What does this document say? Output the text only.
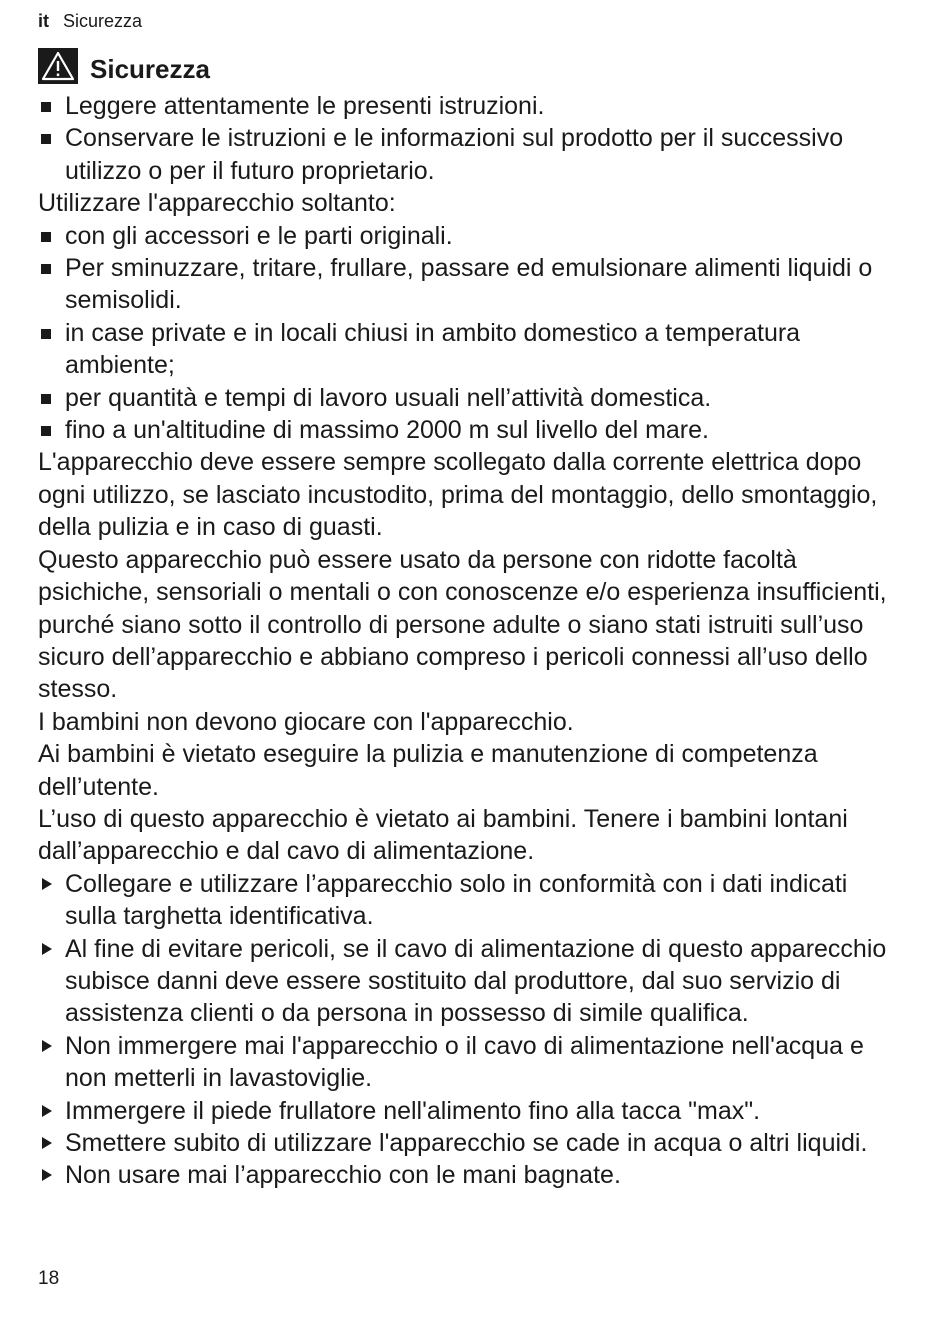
it Sicurezza
Sicurezza

Leggere attentamente le presenti istruzioni.

Conservare le istruzioni e le informazioni sul prodotto per il successivo utilizzo o per il futuro proprietario.

Utilizzare l'apparecchio soltanto:

con gli accessori e le parti originali.

Per sminuzzare, tritare, frullare, passare ed emulsionare alimenti liquidi o semisolidi.

in case private e in locali chiusi in ambito domestico a temperatura ambiente;

per quantità e tempi di lavoro usuali nell’attività domestica.

fino a un'altitudine di massimo 2000 m sul livello del mare.

L'apparecchio deve essere sempre scollegato dalla corrente elettrica dopo ogni utilizzo, se lasciato incustodito, prima del montaggio, dello smontaggio, della pulizia e in caso di guasti.

Questo apparecchio può essere usato da persone con ridotte facoltà psichiche, sensoriali o mentali o con conoscenze e/o esperienza insufficienti, purché siano sotto il controllo di persone adulte o siano stati istruiti sull’uso sicuro dell’apparecchio e abbiano compreso i pericoli connessi all’uso dello stesso.

I bambini non devono giocare con l'apparecchio.

Ai bambini è vietato eseguire la pulizia e manutenzione di competenza dell’utente.

L’uso di questo apparecchio è vietato ai bambini. Tenere i bambini lontani dall’apparecchio e dal cavo di alimentazione.

Collegare e utilizzare l’apparecchio solo in conformità con i dati indicati sulla targhetta identificativa.

Al fine di evitare pericoli, se il cavo di alimentazione di questo apparecchio subisce danni deve essere sostituito dal produttore, dal suo servizio di assistenza clienti o da persona in possesso di simile qualifica.

Non immergere mai l'apparecchio o il cavo di alimentazione nell'acqua e non metterli in lavastoviglie.

Immergere il piede frullatore nell'alimento fino alla tacca "max".

Smettere subito di utilizzare l'apparecchio se cade in acqua o altri liquidi.

Non usare mai l’apparecchio con le mani bagnate.

18
